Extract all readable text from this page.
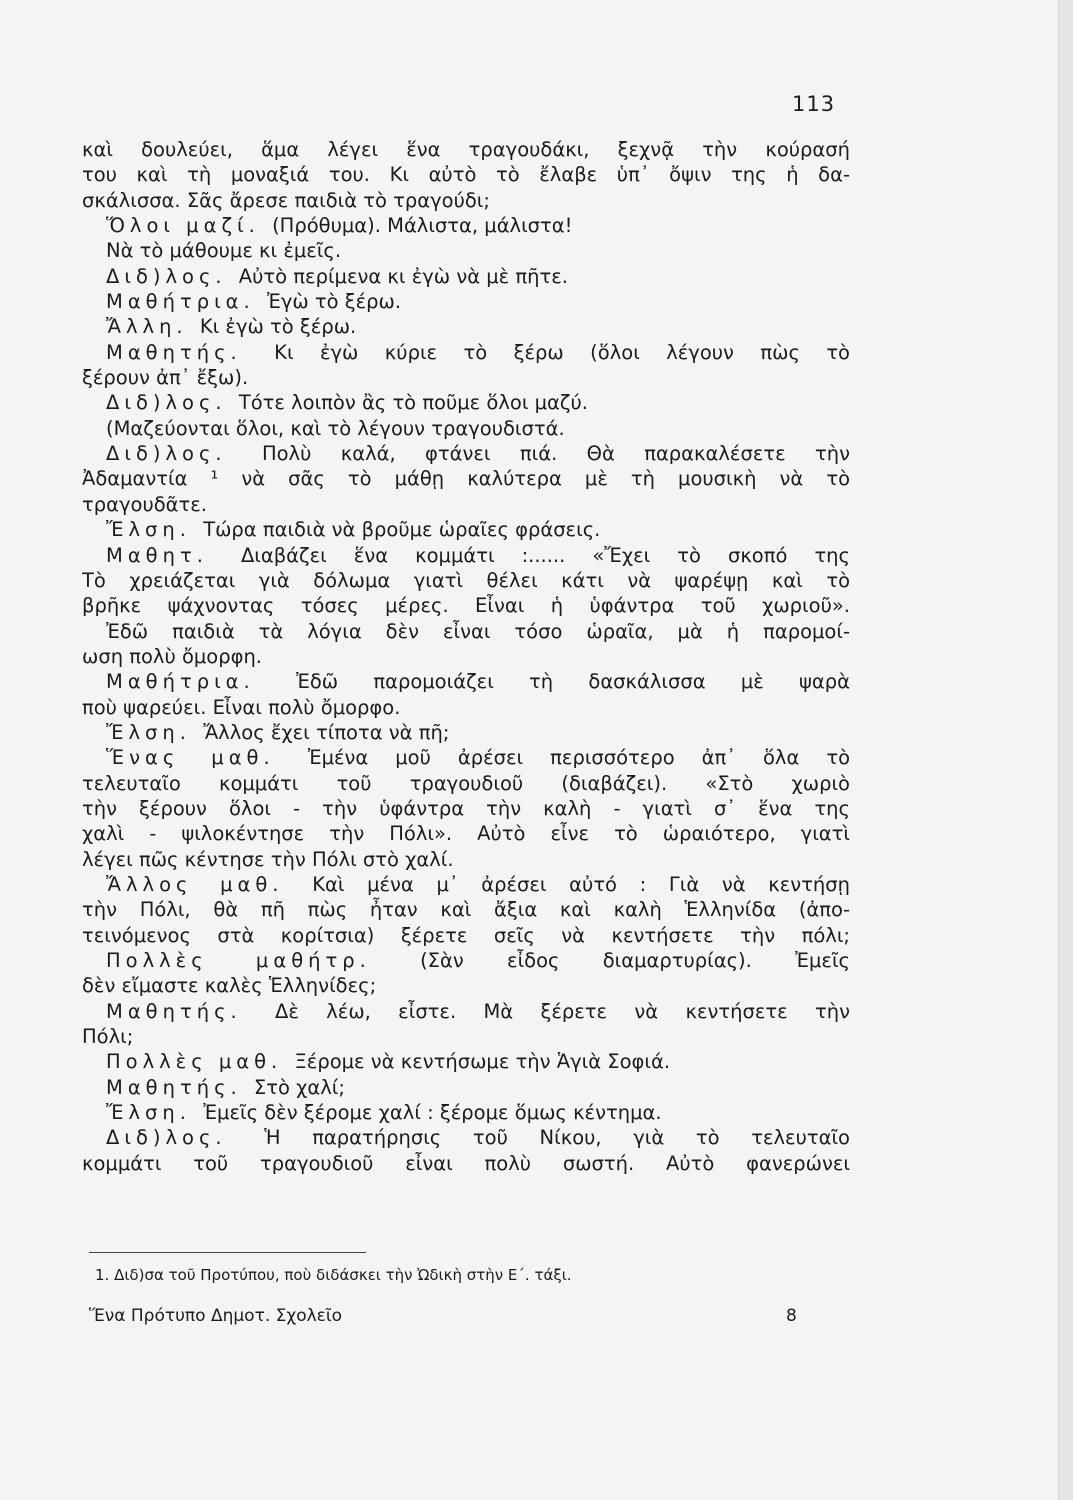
113
καὶ δουλεύει, ἅμα λέγει ἕνα τραγουδάκι, ξεχνᾷ τὴν κούρασή
του καὶ τὴ μοναξιά του. Κι αὐτὸ τὸ ἔλαβε ὑπ᾿ ὄψιν της ἡ δα-
σκάλισσα. Σᾶς ἄρεσε παιδιὰ τὸ τραγούδι;
Ὅλοι μαζί. (Πρόθυμα). Μάλιστα, μάλιστα!
Νὰ τὸ μάθουμε κι ἐμεῖς.
Διδ)λος. Αὐτὸ περίμενα κι ἐγὼ νὰ μὲ πῆτε.
Μαθήτρια. Ἐγὼ τὸ ξέρω.
Ἄλλη. Κι ἐγὼ τὸ ξέρω.
Μαθητής. Κι ἐγὼ κύριε τὸ ξέρω (ὅλοι λέγουν πὼς τὸ
ξέρουν ἀπ᾿ ἔξω).
Διδ)λος. Τότε λοιπὸν ἂς τὸ ποῦμε ὅλοι μαζύ.
(Μαζεύονται ὅλοι, καὶ τὸ λέγουν τραγουδιστά.
Διδ)λος. Πολὺ καλά, φτάνει πιά. Θὰ παρακαλέσετε τὴν
Ἀδαμαντία ¹ νὰ σᾶς τὸ μάθῃ καλύτερα μὲ τὴ μουσικὴ νὰ τὸ
τραγουδᾶτε.
Ἔλση. Τώρα παιδιὰ νὰ βροῦμε ὡραῖες φράσεις.
Μαθητ. Διαβάζει ἕνα κομμάτι :...... «Ἔχει τὸ σκοπό της
Τὸ χρειάζεται γιὰ δόλωμα γιατὶ θέλει κάτι νὰ ψαρέψῃ καὶ τὸ
βρῆκε ψάχνοντας τόσες μέρες. Εἶναι ἡ ὑφάντρα τοῦ χωριοῦ».
Ἐδῶ παιδιὰ τὰ λόγια δὲν εἶναι τόσο ὡραῖα, μὰ ἡ παρομοί-
ωση πολὺ ὄμορφη.
Μαθήτρια. Ἐδῶ παρομοιάζει τὴ δασκάλισσα μὲ ψαρὰ
ποὺ ψαρεύει. Εἶναι πολὺ ὄμορφο.
Ἔλση. Ἄλλος ἔχει τίποτα νὰ πῆ;
Ἕνας μαθ. Ἐμένα μοῦ ἀρέσει περισσότερο ἀπ᾿ ὅλα τὸ
τελευταῖο κομμάτι τοῦ τραγουδιοῦ (διαβάζει). «Στὸ χωριὸ
τὴν ξέρουν ὅλοι - τὴν ὑφάντρα τὴν καλὴ - γιατὶ σ᾿ ἕνα της
χαλὶ - ψιλοκέντησε τὴν Πόλι». Αὐτὸ εἶνε τὸ ὡραιότερο, γιατὶ
λέγει πῶς κέντησε τὴν Πόλι στὸ χαλί.
Ἄλλος μαθ. Καὶ μένα μ᾿ ἀρέσει αὐτό : Γιὰ νὰ κεντήσῃ
τὴν Πόλι, θὰ πῆ πὼς ἦταν καὶ ἄξια καὶ καλὴ Ἑλληνίδα (ἀπο-
τεινόμενος στὰ κορίτσια) ξέρετε σεῖς νὰ κεντήσετε τὴν πόλι;
Πολλὲς μαθήτρ.	(Σὰν εἶδος διαμαρτυρίας). Ἐμεῖς
δὲν εἴμαστε καλὲς Ἑλληνίδες;
Μαθητής. Δὲ λέω, εἶστε. Μὰ ξέρετε νὰ κεντήσετε τὴν
Πόλι;
Πολλὲς μαθ. Ξέρομε νὰ κεντήσωμε τὴν Ἁγιὰ Σοφιά.
Μαθητής. Στὸ χαλί;
Ἔλση. Ἐμεῖς δὲν ξέρομε χαλί : ξέρομε ὅμως κέντημα.
Διδ)λος. Ἡ παρατήρησις τοῦ Νίκου, γιὰ τὸ τελευταῖο
κομμάτι τοῦ τραγουδιοῦ εἶναι πολὺ σωστή. Αὐτὸ φανερώνει
1. Διδ)σα τοῦ Προτύπου, ποὺ διδάσκει τὴν Ὠδικὴ στὴν Ε΄. τάξι.
Ἕνα Πρότυπο Δημοτ. Σχολεῖο	8
